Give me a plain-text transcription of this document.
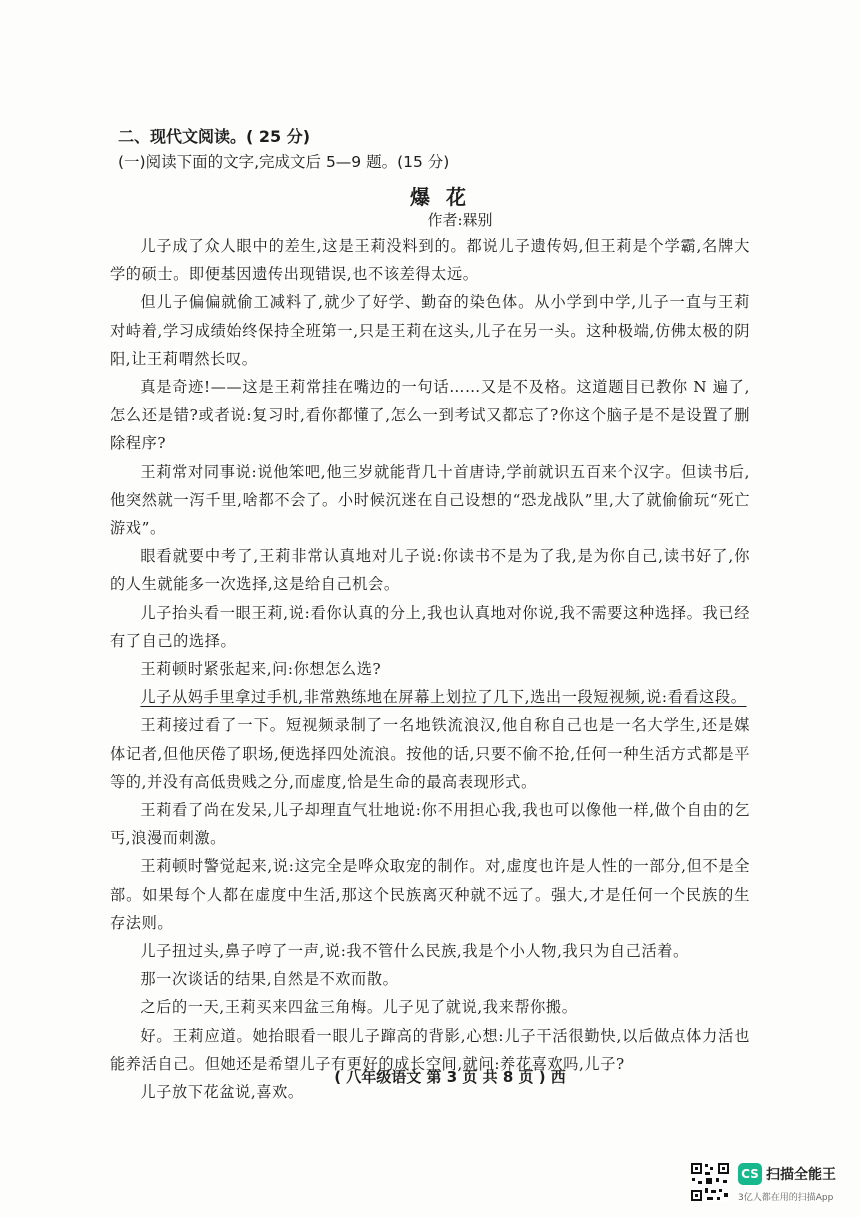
二、现代文阅读。( 25 分)
(一)阅读下面的文字,完成文后 5—9 题。(15 分)
爆花
作者:槑别

儿子成了众人眼中的差生,这是王莉没料到的。都说儿子遗传妈,但王莉是个学霸,名牌大学的硕士。即便基因遗传出现错误,也不该差得太远。

但儿子偏偏就偷工减料了,就少了好学、勤奋的染色体。从小学到中学,儿子一直与王莉对峙着,学习成绩始终保持全班第一,只是王莉在这头,儿子在另一头。这种极端,仿佛太极的阴阳,让王莉喟然长叹。

真是奇迹!——这是王莉常挂在嘴边的一句话……又是不及格。这道题目已教你 N 遍了,怎么还是错?或者说:复习时,看你都懂了,怎么一到考试又都忘了?你这个脑子是不是设置了删除程序?

王莉常对同事说:说他笨吧,他三岁就能背几十首唐诗,学前就识五百来个汉字。但读书后,他突然就一泻千里,啥都不会了。小时候沉迷在自己设想的“恐龙战队”里,大了就偷偷玩“死亡游戏”。

眼看就要中考了,王莉非常认真地对儿子说:你读书不是为了我,是为你自己,读书好了,你的人生就能多一次选择,这是给自己机会。

儿子抬头看一眼王莉,说:看你认真的分上,我也认真地对你说,我不需要这种选择。我已经有了自己的选择。

王莉顿时紧张起来,问:你想怎么选?

儿子从妈手里拿过手机,非常熟练地在屏幕上划拉了几下,选出一段短视频,说:看看这段。

王莉接过看了一下。短视频录制了一名地铁流浪汉,他自称自己也是一名大学生,还是媒体记者,但他厌倦了职场,便选择四处流浪。按他的话,只要不偷不抢,任何一种生活方式都是平等的,并没有高低贵贱之分,而虚度,恰是生命的最高表现形式。

王莉看了尚在发呆,儿子却理直气壮地说:你不用担心我,我也可以像他一样,做个自由的乞丐,浪漫而刺激。

王莉顿时警觉起来,说:这完全是哗众取宠的制作。对,虚度也许是人性的一部分,但不是全部。如果每个人都在虚度中生活,那这个民族离灭种就不远了。强大,才是任何一个民族的生存法则。

儿子扭过头,鼻子哼了一声,说:我不管什么民族,我是个小人物,我只为自己活着。

那一次谈话的结果,自然是不欢而散。

之后的一天,王莉买来四盆三角梅。儿子见了就说,我来帮你搬。

好。王莉应道。她抬眼看一眼儿子蹿高的背影,心想:儿子干活很勤快,以后做点体力活也能养活自己。但她还是希望儿子有更好的成长空间,就问:养花喜欢吗,儿子?

儿子放下花盆说,喜欢。

( 八年级语文 第 3 页 共 8 页 ) 西
CS 扫描全能王
3亿人都在用的扫描App
